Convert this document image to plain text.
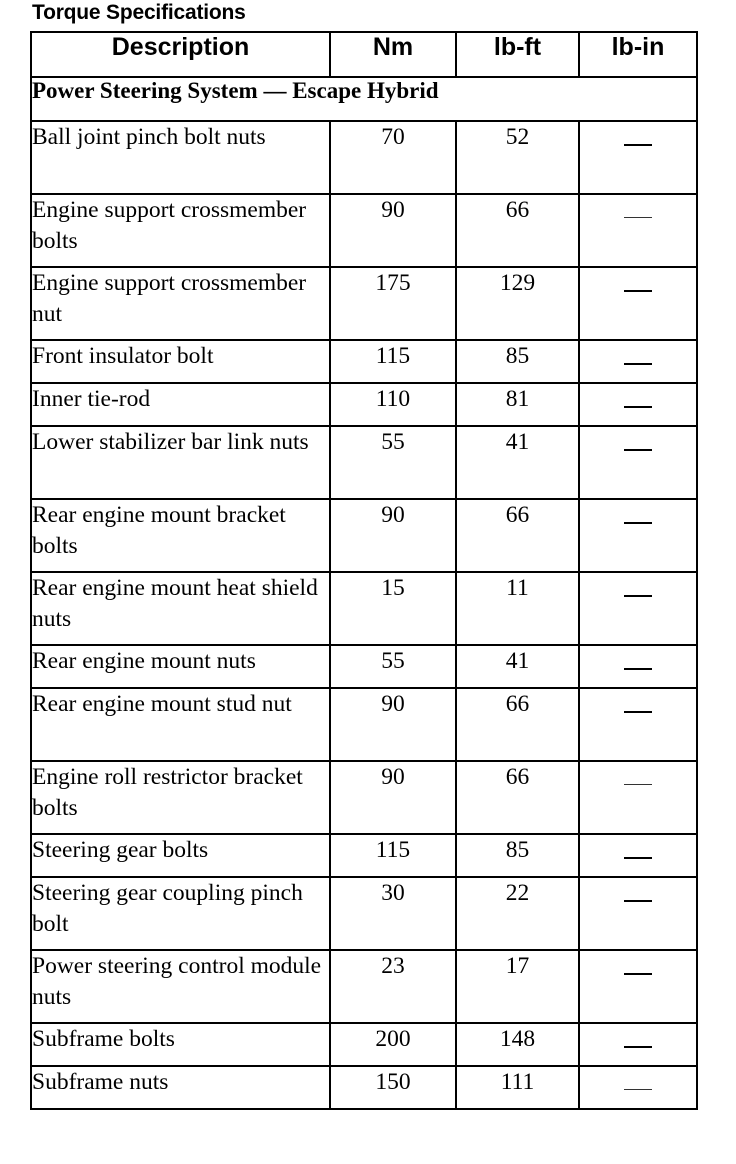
Torque Specifications
Description	Nm	lb-ft	lb-in
Power Steering System — Escape Hybrid			
Ball joint pinch bolt nuts	70	52	

Engine support crossmember bolts	90	66	

Engine support crossmember nut	175	129	

Front insulator bolt	115	85	

Inner tie-rod	110	81	

Lower stabilizer bar link nuts	55	41	

Rear engine mount bracket bolts	90	66	

Rear engine mount heat shield nuts	15	11	

Rear engine mount nuts	55	41	

Rear engine mount stud nut	90	66	

Engine roll restrictor bracket bolts	90	66	

Steering gear bolts	115	85	

Steering gear coupling pinch bolt	30	22	

Power steering control module nuts	23	17	

Subframe bolts	200	148	

Subframe nuts	150	111	
